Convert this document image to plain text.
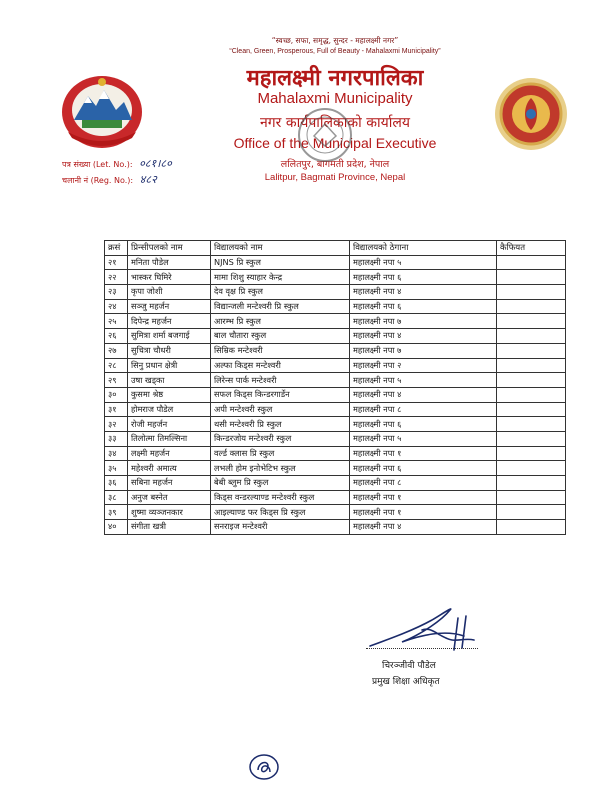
“स्वच्छ, सफा, समृद्ध, सुन्दर - महालक्ष्मी नगर”
“Clean, Green, Prosperous, Full of Beauty - Mahalaxmi Municipality”
महालक्ष्मी नगरपालिका
Mahalaxmi Municipality
नगर कार्यपालिकाको कार्यालय
Office of the Municipal Executive
ललितपुर, बागमती प्रदेश, नेपाल
Lalitpur, Bagmati Province, Nepal
पत्र संख्या (Let. No.): ०८१।८०
चलानी नं (Reg. No.): ४८२
क्रसं	प्रिन्सीपलको नाम	विद्यालयको नाम	विद्यालयको ठेगाना	कैफियत
२१	मनिता पौडेल	NJNS प्रि स्कुल	महालक्ष्मी नपा ५	
२२	भास्कर घिमिरे	मामा शिशु स्याहार केन्द्र	महालक्ष्मी नपा ६	
२३	कृपा जोशी	देव वृक्ष प्रि स्कुल	महालक्ष्मी नपा ४	
२४	सञ्जु महर्जन	विद्यान्जली मन्टेश्वरी प्रि स्कुल	महालक्ष्मी नपा ६	
२५	दिपेन्द्र महर्जन	आरम्भ प्रि स्कुल	महालक्ष्मी नपा ७	
२६	सुमित्रा शर्मा बजगाई	बाल चौतारा स्कुल	महालक्ष्मी नपा ४	
२७	सुचित्रा चौधरी	सिम्रिक मन्टेश्वरी	महालक्ष्मी नपा ७	
२८	सिनु प्रधान क्षेत्री	अल्फा किड्स मन्टेश्वरी	महालक्ष्मी नपा २	
२९	उषा खड्का	लिरेन्स पार्क मन्टेश्वरी	महालक्ष्मी नपा ५	
३०	कुसमा श्रेष्ठ	सफल किड्स किन्डरगार्डेन	महालक्ष्मी नपा ४	
३१	होमराज पौडेल	अपी मन्टेश्वरी स्कुल	महालक्ष्मी नपा ८	
३२	रोजी महर्जन	थसी मन्टेश्वरी प्रि स्कुल	महालक्ष्मी नपा ६	
३३	तिलोत्मा तिमल्सिना	किन्डरजोय मन्टेश्वरी स्कुल	महालक्ष्मी नपा ५	
३४	लक्ष्मी महर्जन	वर्ल्ड क्लास प्रि स्कुल	महालक्ष्मी नपा १	
३५	महेश्वरी अमात्य	लभली होम इनोभेटिभ स्कुल	महालक्ष्मी नपा ६	
३६	सबिना महर्जन	बेबी ब्लुम प्रि स्कुल	महालक्ष्मी नपा ८	
३८	अनुज बस्नेत	किड्स वन्डरल्याण्ड मन्टेश्वरी स्कुल	महालक्ष्मी नपा १	
३९	शुष्मा व्यञ्जनकार	आइल्याण्ड फर किड्स प्रि स्कुल	महालक्ष्मी नपा १	
४०	संगीता खत्री	सनराइज मन्टेश्वरी	महालक्ष्मी नपा ४	
चिरञ्जीवी पौडेल
प्रमुख शिक्षा अधिकृत
